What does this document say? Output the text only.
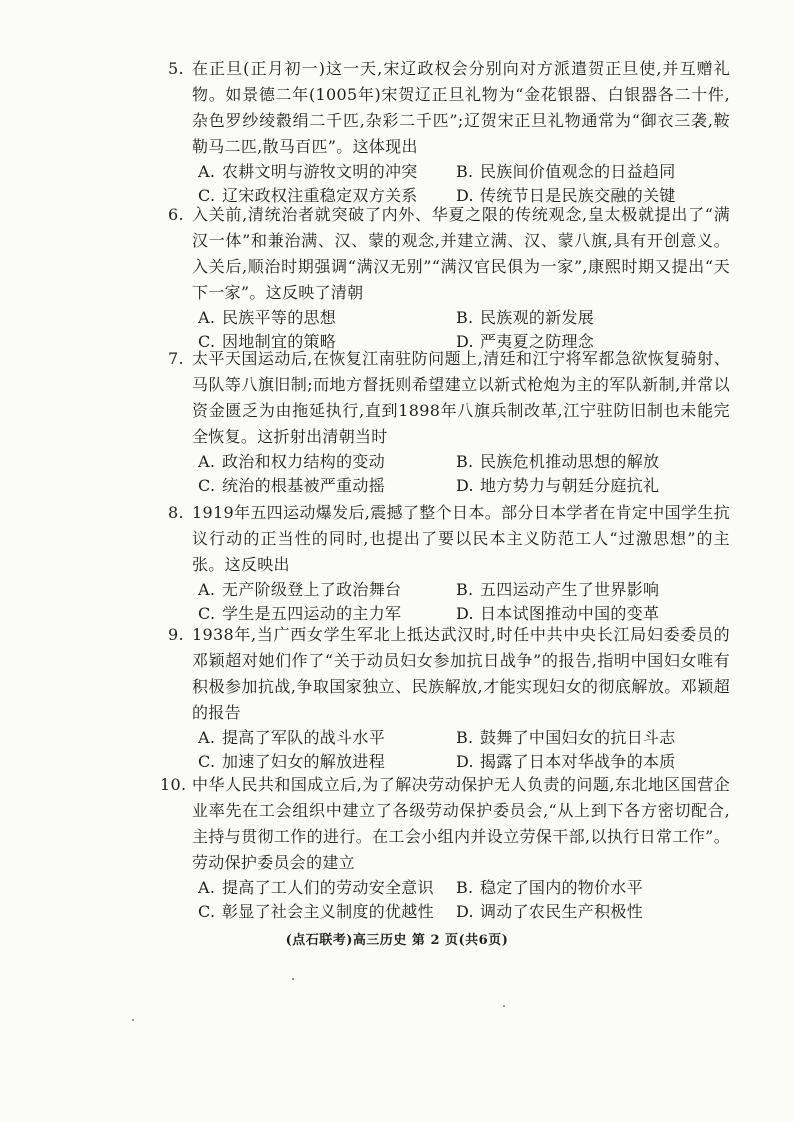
5. 在正旦(正月初一)这一天,宋辽政权会分别向对方派遣贺正旦使,并互赠礼物。如景德二年(1005年)宋贺辽正旦礼物为“金花银器、白银器各二十件,杂色罗纱绫縠绢二千匹,杂彩二千匹”;辽贺宋正旦礼物通常为“御衣三袭,鞍勒马二匹,散马百匹”。这体现出
A. 农耕文明与游牧文明的冲突	B. 民族间价值观念的日益趋同
C. 辽宋政权注重稳定双方关系	D. 传统节日是民族交融的关键
6. 入关前,清统治者就突破了内外、华夏之限的传统观念,皇太极就提出了“满汉一体”和兼治满、汉、蒙的观念,并建立满、汉、蒙八旗,具有开创意义。入关后,顺治时期强调“满汉无别”“满汉官民俱为一家”,康熙时期又提出“天下一家”。这反映了清朝
A. 民族平等的思想	B. 民族观的新发展
C. 因地制宜的策略	D. 严夷夏之防理念
7. 太平天国运动后,在恢复江南驻防问题上,清廷和江宁将军都急欲恢复骑射、马队等八旗旧制;而地方督抚则希望建立以新式枪炮为主的军队新制,并常以资金匮乏为由拖延执行,直到1898年八旗兵制改革,江宁驻防旧制也未能完全恢复。这折射出清朝当时
A. 政治和权力结构的变动	B. 民族危机推动思想的解放
C. 统治的根基被严重动摇	D. 地方势力与朝廷分庭抗礼
8. 1919年五四运动爆发后,震撼了整个日本。部分日本学者在肯定中国学生抗议行动的正当性的同时,也提出了要以民本主义防范工人“过激思想”的主张。这反映出
A. 无产阶级登上了政治舞台	B. 五四运动产生了世界影响
C. 学生是五四运动的主力军	D. 日本试图推动中国的变革
9. 1938年,当广西女学生军北上抵达武汉时,时任中共中央长江局妇委委员的邓颖超对她们作了“关于动员妇女参加抗日战争”的报告,指明中国妇女唯有积极参加抗战,争取国家独立、民族解放,才能实现妇女的彻底解放。邓颖超的报告
A. 提高了军队的战斗水平	B. 鼓舞了中国妇女的抗日斗志
C. 加速了妇女的解放进程	D. 揭露了日本对华战争的本质
10. 中华人民共和国成立后,为了解决劳动保护无人负责的问题,东北地区国营企业率先在工会组织中建立了各级劳动保护委员会,“从上到下各方密切配合,主持与贯彻工作的进行。在工会小组内并设立劳保干部,以执行日常工作”。劳动保护委员会的建立
A. 提高了工人们的劳动安全意识	B. 稳定了国内的物价水平
C. 彰显了社会主义制度的优越性	D. 调动了农民生产积极性
(点石联考)高三历史 第 2 页(共6页)
